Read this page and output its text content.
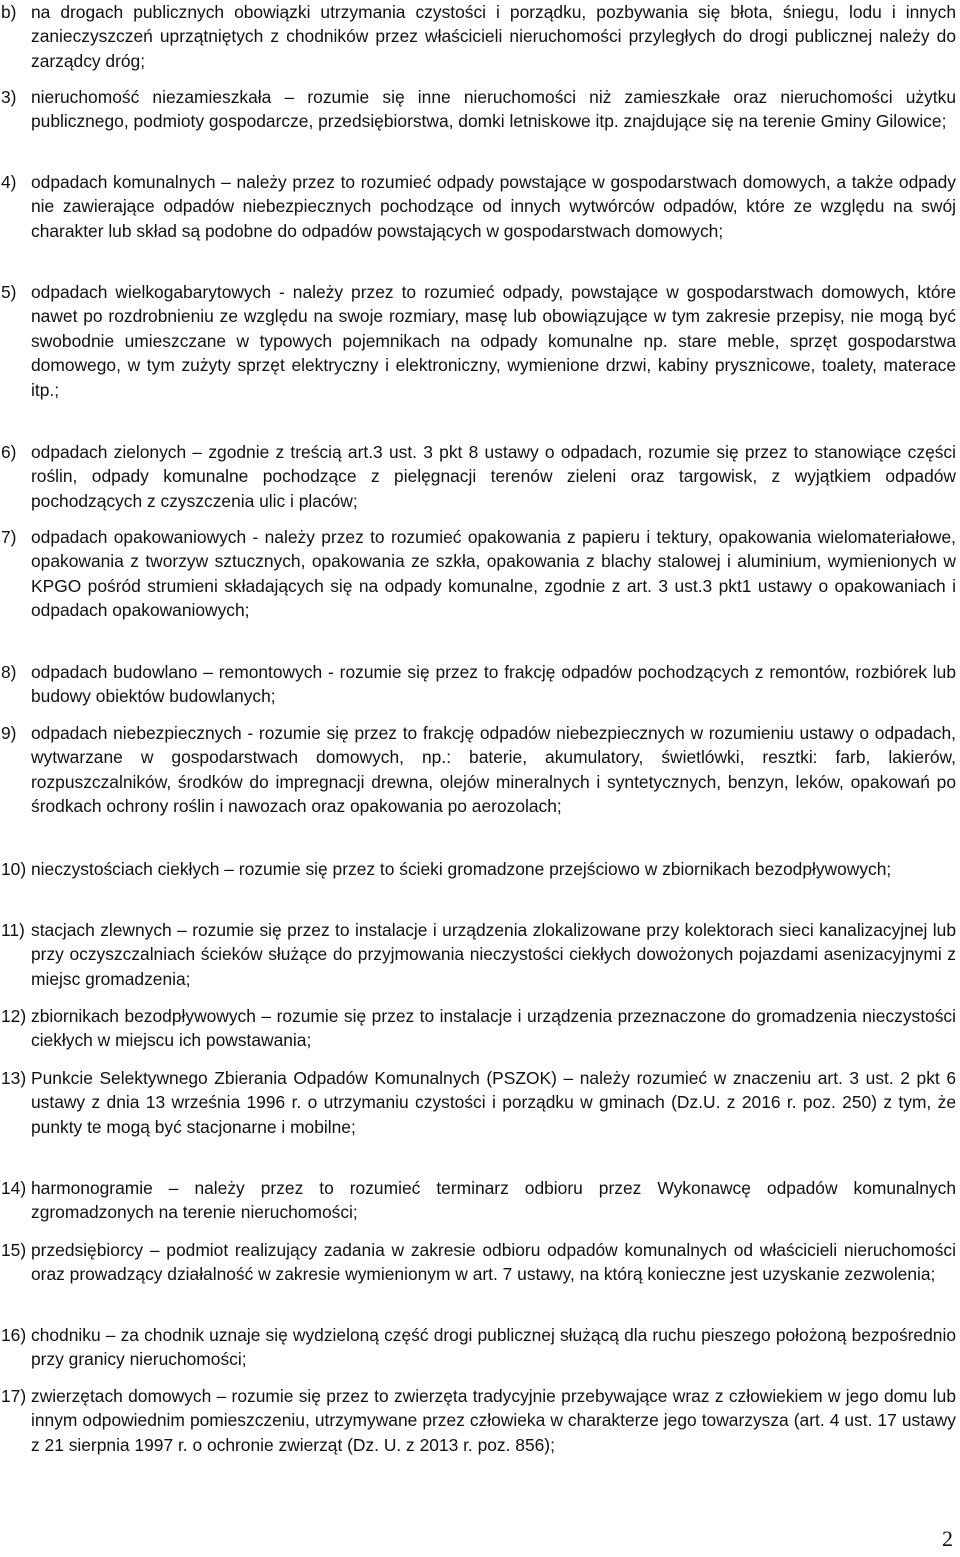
b) na drogach publicznych obowiązki utrzymania czystości i porządku, pozbywania się błota, śniegu, lodu i innych zanieczyszczeń uprzątniętych z chodników przez właścicieli nieruchomości przyległych do drogi publicznej należy do zarządcy dróg;
3) nieruchomość niezamieszkała – rozumie się inne nieruchomości niż zamieszkałe oraz nieruchomości użytku publicznego, podmioty gospodarcze, przedsiębiorstwa, domki letniskowe itp. znajdujące się na terenie Gminy Gilowice;
4) odpadach komunalnych – należy przez to rozumieć odpady powstające w gospodarstwach domowych, a także odpady nie zawierające odpadów niebezpiecznych pochodzące od innych wytwórców odpadów, które ze względu na swój charakter lub skład są podobne do odpadów powstających w gospodarstwach domowych;
5) odpadach wielkogabarytowych - należy przez to rozumieć odpady, powstające w gospodarstwach domowych, które nawet po rozdrobnieniu ze względu na swoje rozmiary, masę lub obowiązujące w tym zakresie przepisy, nie mogą być swobodnie umieszczane w typowych pojemnikach na odpady komunalne np. stare meble, sprzęt gospodarstwa domowego, w tym zużyty sprzęt elektryczny i elektroniczny, wymienione drzwi, kabiny prysznicowe, toalety, materace itp.;
6) odpadach zielonych – zgodnie z treścią art.3 ust. 3 pkt 8 ustawy o odpadach, rozumie się przez to stanowiące części roślin, odpady komunalne pochodzące z pielęgnacji terenów zieleni oraz targowisk, z wyjątkiem odpadów pochodzących z czyszczenia ulic i placów;
7) odpadach opakowaniowych - należy przez to rozumieć opakowania z papieru i tektury, opakowania wielomateriałowe, opakowania z tworzyw sztucznych, opakowania ze szkła, opakowania z blachy stalowej i aluminium, wymienionych w KPGO pośród strumieni składających się na odpady komunalne, zgodnie z art. 3 ust.3 pkt1 ustawy o opakowaniach i odpadach opakowaniowych;
8) odpadach budowlano – remontowych - rozumie się przez to frakcję odpadów pochodzących z remontów, rozbiórek lub budowy obiektów budowlanych;
9) odpadach niebezpiecznych - rozumie się przez to frakcję odpadów niebezpiecznych w rozumieniu ustawy o odpadach, wytwarzane w gospodarstwach domowych, np.: baterie, akumulatory, świetlówki, resztki: farb, lakierów, rozpuszczalników, środków do impregnacji drewna, olejów mineralnych i syntetycznych, benzyn, leków, opakowań po środkach ochrony roślin i nawozach oraz opakowania po aerozolach;
10) nieczystościach ciekłych – rozumie się przez to ścieki gromadzone przejściowo w zbiornikach bezodpływowych;
11) stacjach zlewnych – rozumie się przez to instalacje i urządzenia zlokalizowane przy kolektorach sieci kanalizacyjnej lub przy oczyszczalniach ścieków służące do przyjmowania nieczystości ciekłych dowożonych pojazdami asenizacyjnymi z miejsc gromadzenia;
12) zbiornikach bezodpływowych – rozumie się przez to instalacje i urządzenia przeznaczone do gromadzenia nieczystości ciekłych w miejscu ich powstawania;
13) Punkcie Selektywnego Zbierania Odpadów Komunalnych (PSZOK) – należy rozumieć w znaczeniu art. 3 ust. 2 pkt 6 ustawy z dnia 13 września 1996 r. o utrzymaniu czystości i porządku w gminach (Dz.U. z 2016 r. poz. 250) z tym, że punkty te mogą być stacjonarne i mobilne;
14) harmonogramie – należy przez to rozumieć terminarz odbioru przez Wykonawcę odpadów komunalnych zgromadzonych na terenie nieruchomości;
15) przedsiębiorcy – podmiot realizujący zadania w zakresie odbioru odpadów komunalnych od właścicieli nieruchomości oraz prowadzący działalność w zakresie wymienionym w art. 7 ustawy, na którą konieczne jest uzyskanie zezwolenia;
16) chodniku – za chodnik uznaje się wydzieloną część drogi publicznej służącą dla ruchu pieszego położoną bezpośrednio przy granicy nieruchomości;
17) zwierzętach domowych – rozumie się przez to zwierzęta tradycyjnie przebywające wraz z człowiekiem w jego domu lub innym odpowiednim pomieszczeniu, utrzymywane przez człowieka w charakterze jego towarzysza (art. 4 ust. 17 ustawy z 21 sierpnia 1997 r. o ochronie zwierząt (Dz. U. z 2013 r. poz. 856);
2
